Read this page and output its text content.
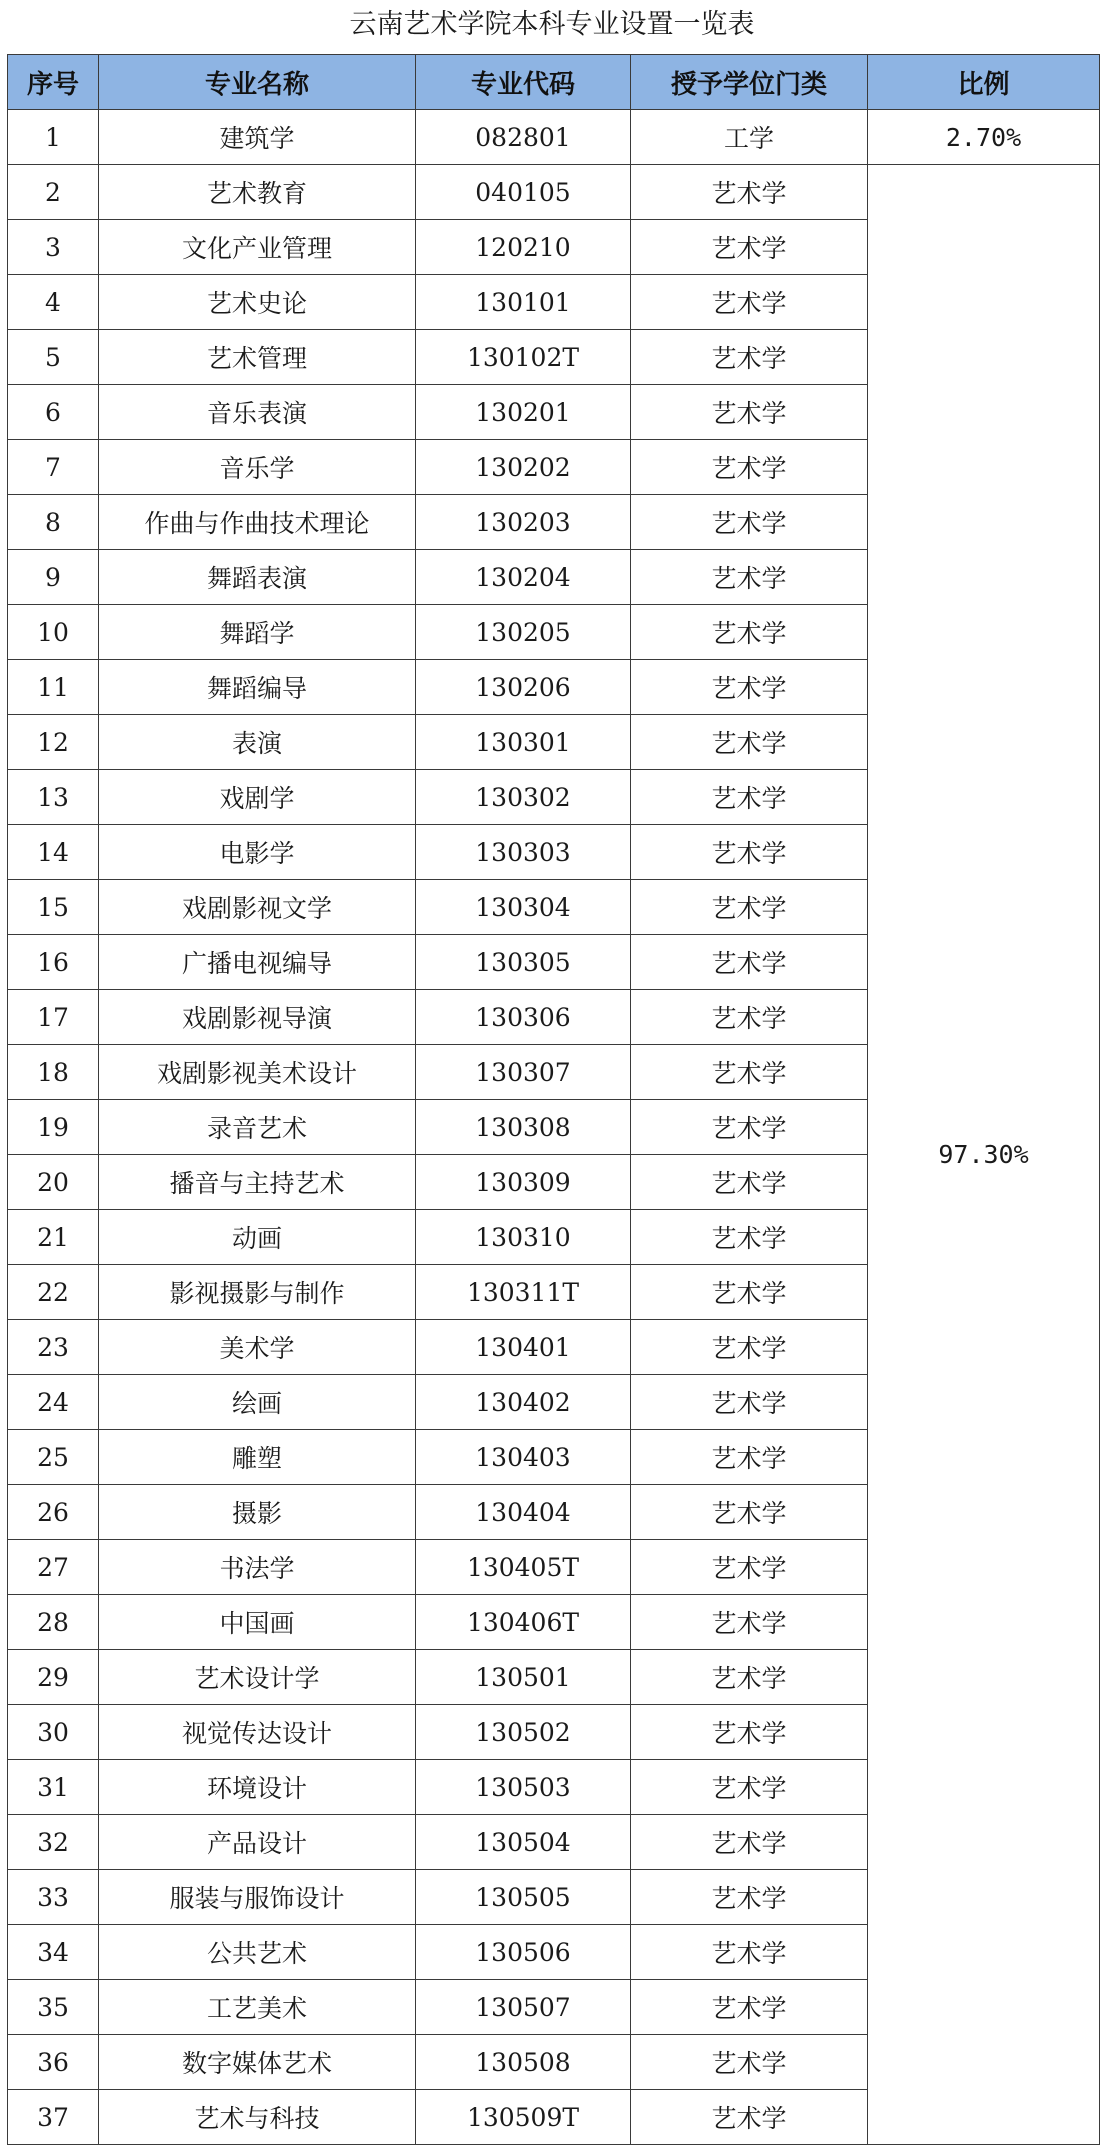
云南艺术学院本科专业设置一览表
序号	专业名称	专业代码	授予学位门类	比例
1	建筑学	082801	工学	2.70%
2	艺术教育	040105	艺术学	97.30%
3	文化产业管理	120210	艺术学	
4	艺术史论	130101	艺术学	
5	艺术管理	130102T	艺术学	
6	音乐表演	130201	艺术学	
7	音乐学	130202	艺术学	
8	作曲与作曲技术理论	130203	艺术学	
9	舞蹈表演	130204	艺术学	
10	舞蹈学	130205	艺术学	
11	舞蹈编导	130206	艺术学	
12	表演	130301	艺术学	
13	戏剧学	130302	艺术学	
14	电影学	130303	艺术学	
15	戏剧影视文学	130304	艺术学	
16	广播电视编导	130305	艺术学	
17	戏剧影视导演	130306	艺术学	
18	戏剧影视美术设计	130307	艺术学	
19	录音艺术	130308	艺术学	
20	播音与主持艺术	130309	艺术学	
21	动画	130310	艺术学	
22	影视摄影与制作	130311T	艺术学	
23	美术学	130401	艺术学	
24	绘画	130402	艺术学	
25	雕塑	130403	艺术学	
26	摄影	130404	艺术学	
27	书法学	130405T	艺术学	
28	中国画	130406T	艺术学	
29	艺术设计学	130501	艺术学	
30	视觉传达设计	130502	艺术学	
31	环境设计	130503	艺术学	
32	产品设计	130504	艺术学	
33	服装与服饰设计	130505	艺术学	
34	公共艺术	130506	艺术学	
35	工艺美术	130507	艺术学	
36	数字媒体艺术	130508	艺术学	
37	艺术与科技	130509T	艺术学	
